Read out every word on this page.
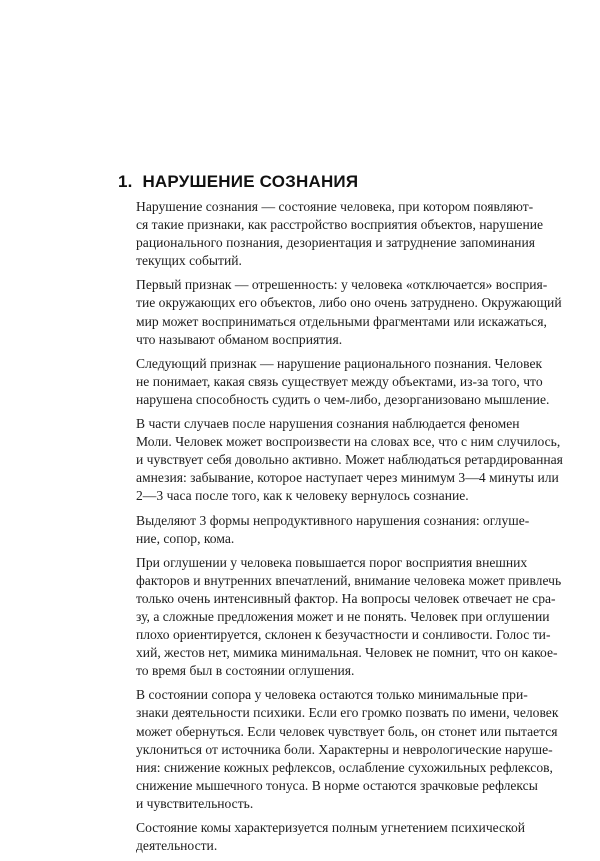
1. НАРУШЕНИЕ СОЗНАНИЯ

Нарушение сознания — состояние человека, при котором появляют-
ся такие признаки, как расстройство восприятия объектов, нарушение
рационального познания, дезориентация и затруднение запоминания
текущих событий.

Первый признак — отрешенность: у человека «отключается» восприя-
тие окружающих его объектов, либо оно очень затруднено. Окружающий
мир может восприниматься отдельными фрагментами или искажаться,
что называют обманом восприятия.

Следующий признак — нарушение рационального познания. Человек
не понимает, какая связь существует между объектами, из-за того, что
нарушена способность судить о чем-либо, дезорганизовано мышление.

В части случаев после нарушения сознания наблюдается феномен
Моли. Человек может воспроизвести на словах все, что с ним случилось,
и чувствует себя довольно активно. Может наблюдаться ретардированная
амнезия: забывание, которое наступает через минимум 3—4 минуты или
2—3 часа после того, как к человеку вернулось сознание.

Выделяют 3 формы непродуктивного нарушения сознания: оглуше-
ние, сопор, кома.

При оглушении у человека повышается порог восприятия внешних
факторов и внутренних впечатлений, внимание человека может привлечь
только очень интенсивный фактор. На вопросы человек отвечает не сра-
зу, а сложные предложения может и не понять. Человек при оглушении
плохо ориентируется, склонен к безучастности и сонливости. Голос ти-
хий, жестов нет, мимика минимальная. Человек не помнит, что он какое-
то время был в состоянии оглушения.

В состоянии сопора у человека остаются только минимальные при-
знаки деятельности психики. Если его громко позвать по имени, человек
может обернуться. Если человек чувствует боль, он стонет или пытается
уклониться от источника боли. Характерны и неврологические наруше-
ния: снижение кожных рефлексов, ослабление сухожильных рефлексов,
снижение мышечного тонуса. В норме остаются зрачковые рефлексы
и чувствительность.

Состояние комы характеризуется полным угнетением психической
деятельности.
